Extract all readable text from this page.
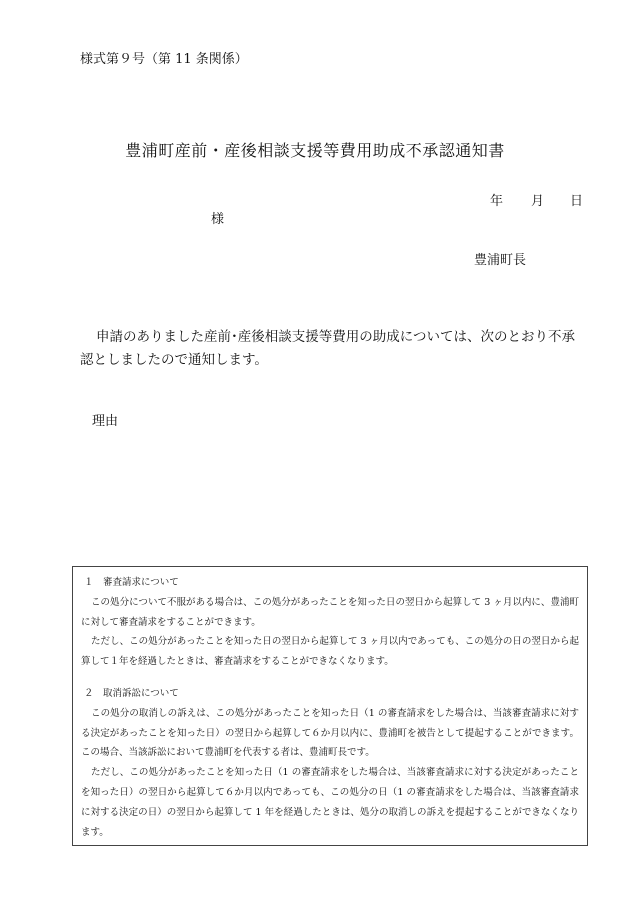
様式第９号（第 11 条関係）
豊浦町産前・産後相談支援等費用助成不承認通知書
年 月 日
様
豊浦町長
申請のありました産前･産後相談支援等費用の助成については、次のとおり不承認としましたので通知します。
理由

１　審査請求について

この処分について不服がある場合は、この処分があったことを知った日の翌日から起算して 3 ヶ月以内に、豊浦町に対して審査請求をすることができます。

ただし、この処分があったことを知った日の翌日から起算して 3 ヶ月以内であっても、この処分の日の翌日から起算して１年を経過したときは、審査請求をすることができなくなります。

２　取消訴訟について

この処分の取消しの訴えは、この処分があったことを知った日（1 の審査請求をした場合は、当該審査請求に対する決定があったことを知った日）の翌日から起算して６か月以内に、豊浦町を被告として提起することができます。この場合、当該訴訟において豊浦町を代表する者は、豊浦町長です。

ただし、この処分があったことを知った日（1 の審査請求をした場合は、当該審査請求に対する決定があったことを知った日）の翌日から起算して６か月以内であっても、この処分の日（1 の審査請求をした場合は、当該審査請求に対する決定の日）の翌日から起算して 1 年を経過したときは、処分の取消しの訴えを提起することができなくなります。
